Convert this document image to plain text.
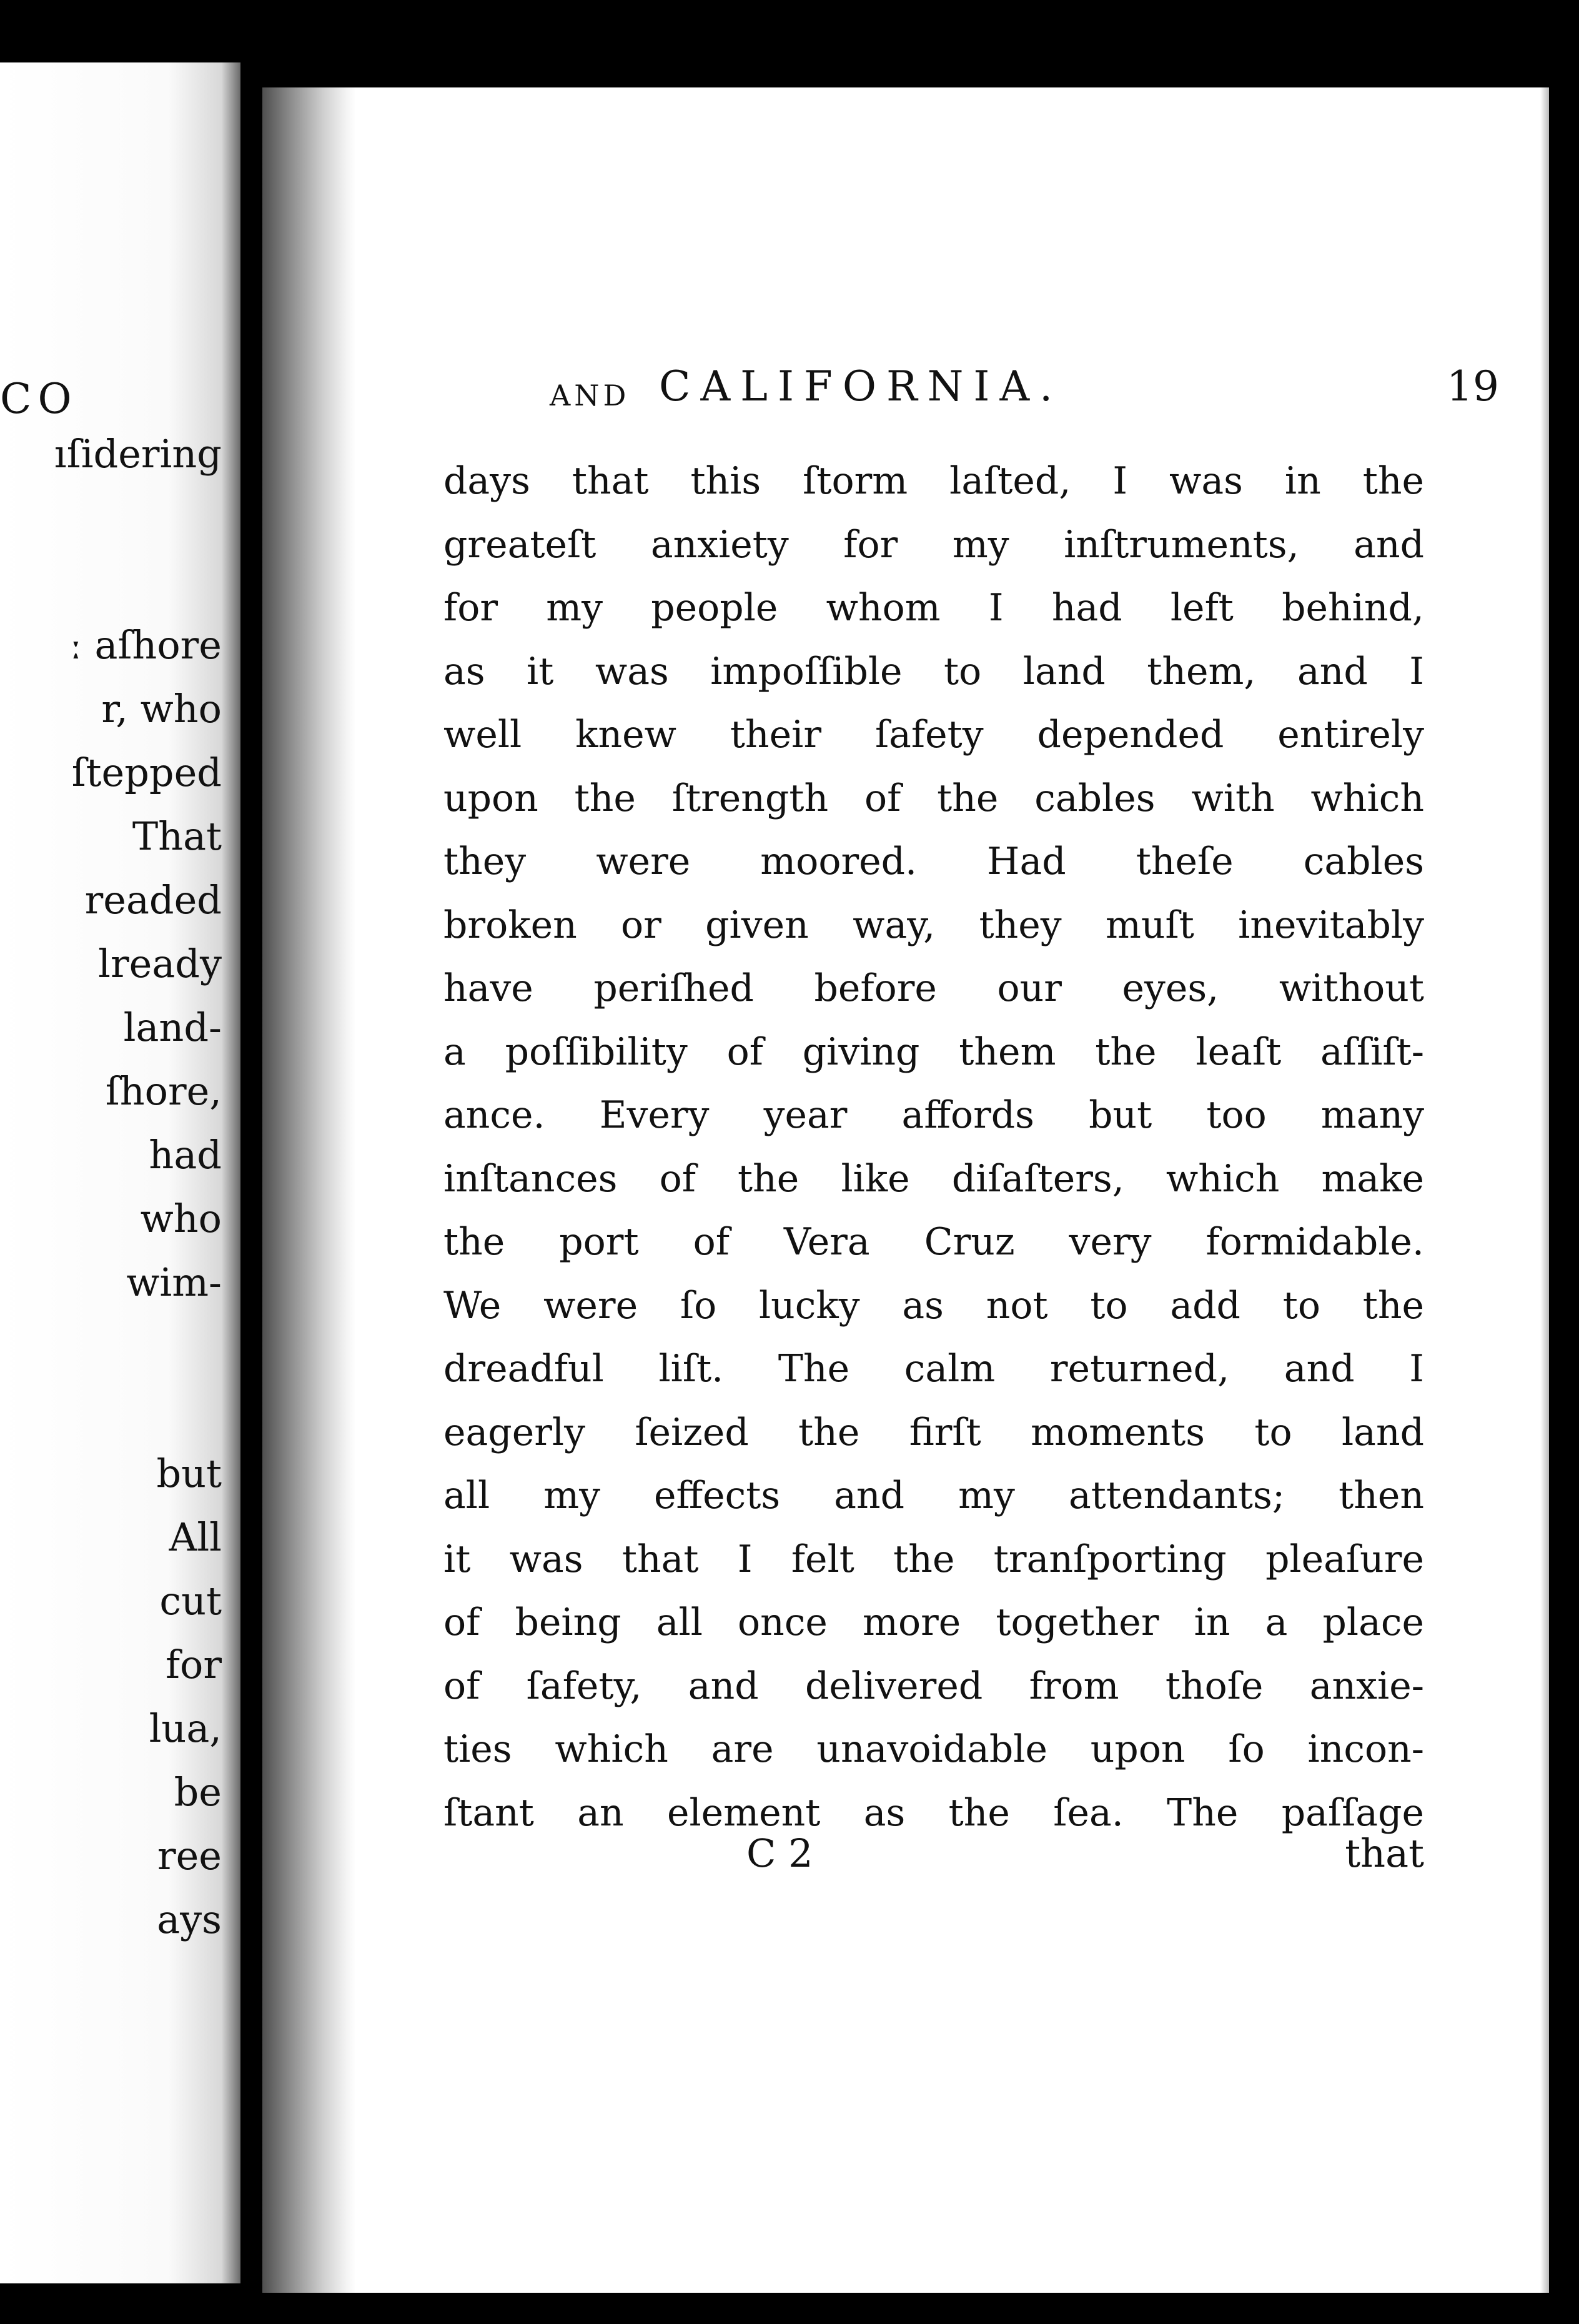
CO
ıſidering
ː aſhore
r, who
ſtepped
That
readed
lready
land-
ſhore,
had
who
wim-
but
All
cut
for
lua,
be
ree
ays
AND CALIFORNIA.	19
C 2	that
days that this ſtorm laſted, I was in the
greateſt anxiety for my inſtruments, and
for my people whom I had left behind,
as it was impoſſible to land them, and I
well knew their ſafety depended entirely
upon the ſtrength of the cables with which
they were moored. Had theſe cables
broken or given way, they muſt inevitably
have periſhed before our eyes, without
a poſſibility of giving them the leaſt aſſiſt-
ance. Every year affords but too many
inſtances of the like diſaſters, which make
the port of Vera Cruz very formidable.
We were ſo lucky as not to add to the
dreadful liſt. The calm returned, and I
eagerly ſeized the firſt moments to land
all my effects and my attendants; then
it was that I felt the tranſporting pleaſure
of being all once more together in a place
of ſafety, and delivered from thoſe anxie-
ties which are unavoidable upon ſo incon-
ſtant an element as the ſea. The paſſage
